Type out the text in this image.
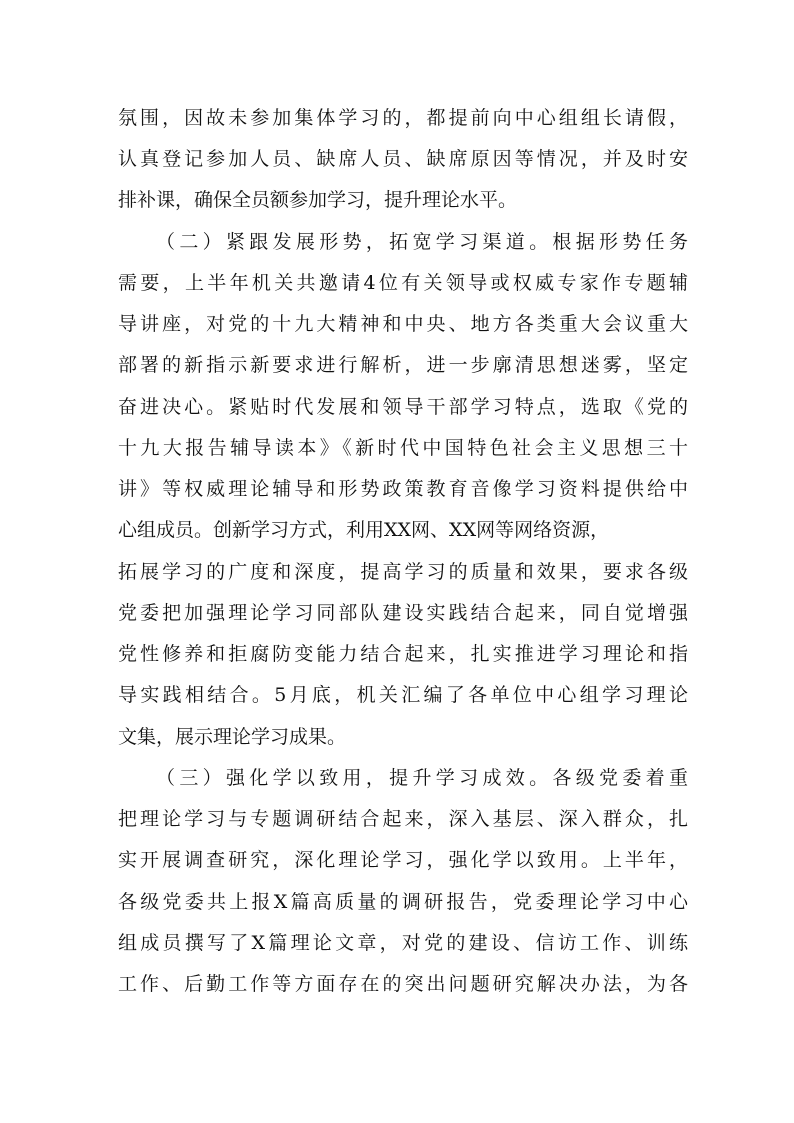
氛围，因故未参加集体学习的，都提前向中心组组长请假，
认真登记参加人员、缺席人员、缺席原因等情况，并及时安
排补课，确保全员额参加学习，提升理论水平。
（二）紧跟发展形势，拓宽学习渠道。根据形势任务
需要，上半年机关共邀请4位有关领导或权威专家作专题辅
导讲座，对党的十九大精神和中央、地方各类重大会议重大
部署的新指示新要求进行解析，进一步廓清思想迷雾，坚定
奋进决心。紧贴时代发展和领导干部学习特点，选取《党的
十九大报告辅导读本》《新时代中国特色社会主义思想三十
讲》等权威理论辅导和形势政策教育音像学习资料提供给中
心组成员。创新学习方式，利用XX网、XX网等网络资源，
拓展学习的广度和深度，提高学习的质量和效果，要求各级
党委把加强理论学习同部队建设实践结合起来，同自觉增强
党性修养和拒腐防变能力结合起来，扎实推进学习理论和指
导实践相结合。5月底，机关汇编了各单位中心组学习理论
文集，展示理论学习成果。
（三）强化学以致用，提升学习成效。各级党委着重
把理论学习与专题调研结合起来，深入基层、深入群众，扎
实开展调查研究，深化理论学习，强化学以致用。上半年，
各级党委共上报X篇高质量的调研报告，党委理论学习中心
组成员撰写了X篇理论文章，对党的建设、信访工作、训练
工作、后勤工作等方面存在的突出问题研究解决办法，为各
